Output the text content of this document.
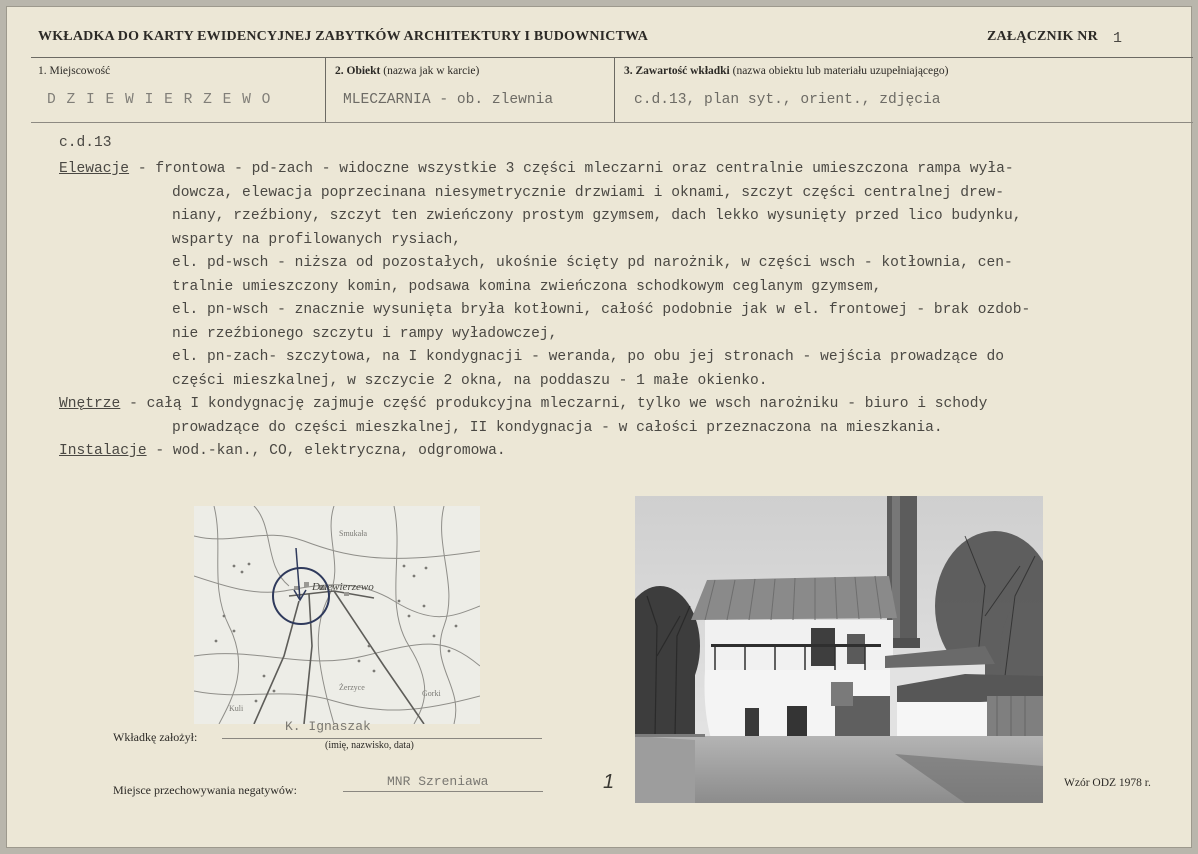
WKŁADKA DO KARTY EWIDENCYJNEJ ZABYTKÓW ARCHITEKTURY I BUDOWNICTWA	ZAŁĄCZNIK NR 1
1. Miejscowość
D Z I E W I E R Z E W O
2. Obiekt (nazwa jak w karcie)
MLECZARNIA - ob. zlewnia
3. Zawartość wkładki (nazwa obiektu lub materiału uzupełniającego)
c.d.13, plan syt., orient., zdjęcia
c.d.13
Elewacje - frontowa - pd-zach - widoczne wszystkie 3 części mleczarni oraz centralnie umieszczona rampa wyła-
dowcza, elewacja poprzecinana niesymetrycznie drzwiami i oknami, szczyt części centralnej drew-
niany, rzeźbiony, szczyt ten zwieńczony prostym gzymsem, dach lekko wysunięty przed lico budynku,
wsparty na profilowanych rysiach,
el. pd-wsch - niższa od pozostałych, ukośnie ścięty pd narożnik, w części wsch - kotłownia, cen-
tralnie umieszczony komin, podsawa komina zwieńczona schodkowym ceglanym gzymsem,
el. pn-wsch - znacznie wysunięta bryła kotłowni, całość podobnie jak w el. frontowej - brak ozdob-
nie rzeźbionego szczytu i rampy wyładowczej,
el. pn-zach- szczytowa, na I kondygnacji - weranda, po obu jej stronach - wejścia prowadzące do
części mieszkalnej, w szczycie 2 okna, na poddaszu - 1 małe okienko.
Wnętrze - całą I kondygnację zajmuje część produkcyjna mleczarni, tylko we wsch narożniku - biuro i schody
prowadzące do części mieszkalnej, II kondygnacja - w całości przeznaczona na mieszkania.
Instalacje - wod.-kan., CO, elektryczna, odgromowa.
Dziewierzewo
Smukała
Żerzyce
Gorki
Kuli
Wkładkę założył:
K. Ignaszak
(imię, nazwisko, data)
Miejsce przechowywania negatywów:
MNR Szreniawa	1	Wzór ODZ 1978 r.
